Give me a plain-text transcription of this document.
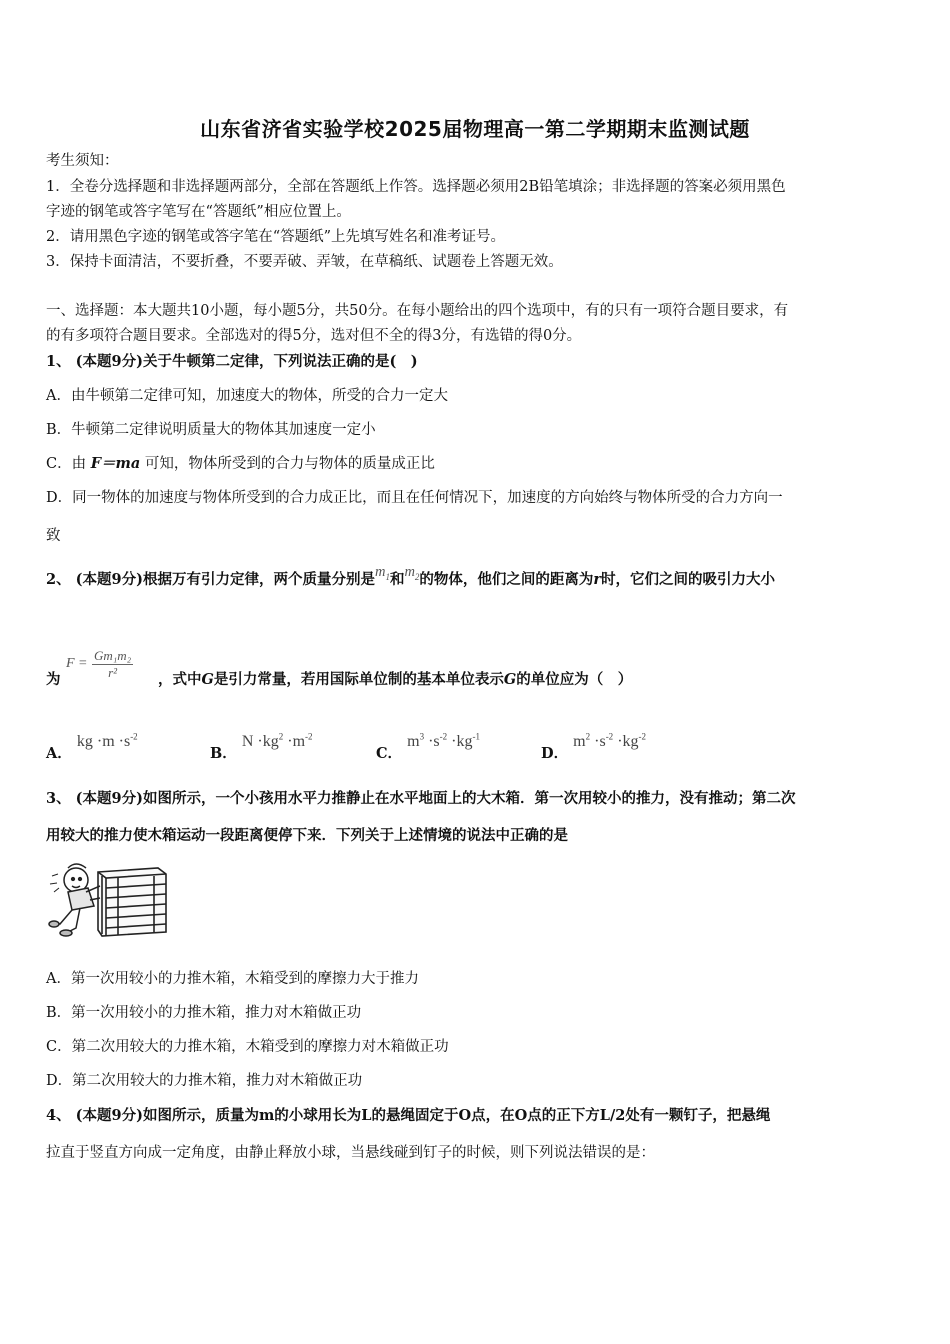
山东省济省实验学校2025届物理高一第二学期期末监测试题
考生须知：
1．全卷分选择题和非选择题两部分，全部在答题纸上作答。选择题必须用2B铅笔填涂；非选择题的答案必须用黑色
字迹的钢笔或答字笔写在“答题纸”相应位置上。
2．请用黑色字迹的钢笔或答字笔在“答题纸”上先填写姓名和准考证号。
3．保持卡面清洁，不要折叠，不要弄破、弄皱，在草稿纸、试题卷上答题无效。
一、选择题：本大题共10小题，每小题5分，共50分。在每小题给出的四个选项中，有的只有一项符合题目要求，有
的有多项符合题目要求。全部选对的得5分，选对但不全的得3分，有选错的得0分。
1、 (本题9分)关于牛顿第二定律，下列说法正确的是(　)
A．由牛顿第二定律可知，加速度大的物体，所受的合力一定大
B．牛顿第二定律说明质量大的物体其加速度一定小
C．由 F＝ma 可知，物体所受到的合力与物体的质量成正比
D．同一物体的加速度与物体所受到的合力成正比，而且在任何情况下，加速度的方向始终与物体所受的合力方向一
致
2、 (本题9分)根据万有引力定律，两个质量分别是$m_1$和$m_2$的物体，他们之间的距离为r时，它们之间的吸引力大小
为
$F = \frac{\text{Gm₁m₂}}{\text{r²}}$ ，式中G是引力常量，若用国际单位制的基本单位表示G的单位应为（　）
A． kg $\cdot m \cdot s^{-2}$
B． $N \cdot kg^2 \cdot m^{-2}$
C． $m^3 \cdot s^{-2} \cdot kg^{-1}$
D． $m^2 \cdot s^{-2} \cdot kg^{-2}$
3、 (本题9分)如图所示，一个小孩用水平力推静止在水平地面上的大木箱．第一次用较小的推力，没有推动；第二次
用较大的推力使木箱运动一段距离便停下来．下列关于上述情境的说法中正确的是
A．第一次用较小的力推木箱，木箱受到的摩擦力大于推力
B．第一次用较小的力推木箱，推力对木箱做正功
C．第二次用较大的力推木箱，木箱受到的摩擦力对木箱做正功
D．第二次用较大的力推木箱，推力对木箱做正功
4、 (本题9分)如图所示，质量为m的小球用长为L的悬绳固定于O点，在O点的正下方L/2处有一颗钉子，把悬绳
拉直于竖直方向成一定角度，由静止释放小球，当悬线碰到钉子的时候，则下列说法错误的是：
